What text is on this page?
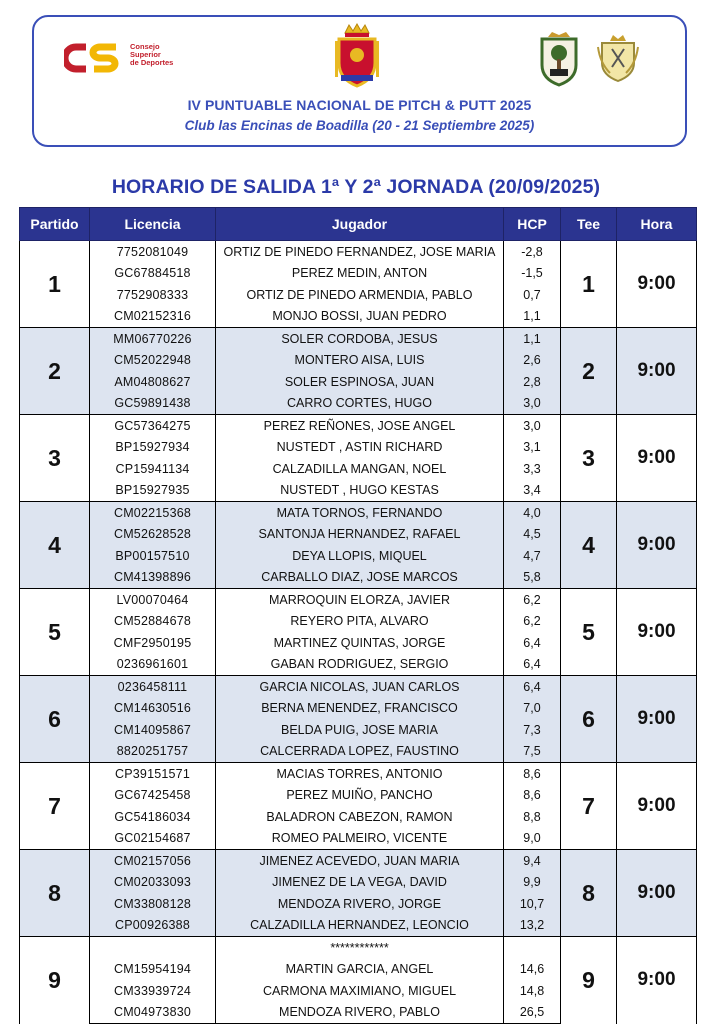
Consejo
Superior
de Deportes
IV PUNTUABLE NACIONAL DE PITCH & PUTT 2025
Club las Encinas de Boadilla (20 - 21 Septiembre 2025)
HORARIO DE SALIDA 1ª Y 2ª JORNADA (20/09/2025)
Partido	Licencia	Jugador	HCP	Tee	Hora
1	7752081049	ORTIZ DE PINEDO FERNANDEZ, JOSE MARIA	-2,8	1	9:00
	GC67884518	PEREZ MEDIN, ANTON	-1,5		
	7752908333	ORTIZ DE PINEDO ARMENDIA, PABLO	0,7		
	CM02152316	MONJO BOSSI, JUAN PEDRO	1,1		
2	MM06770226	SOLER CORDOBA, JESUS	1,1	2	9:00
	CM52022948	MONTERO AISA, LUIS	2,6		
	AM04808627	SOLER ESPINOSA, JUAN	2,8		
	GC59891438	CARRO CORTES, HUGO	3,0		
3	GC57364275	PEREZ REÑONES, JOSE ANGEL	3,0	3	9:00
	BP15927934	NUSTEDT , ASTIN RICHARD	3,1		
	CP15941134	CALZADILLA MANGAN, NOEL	3,3		
	BP15927935	NUSTEDT , HUGO KESTAS	3,4		
4	CM02215368	MATA TORNOS, FERNANDO	4,0	4	9:00
	CM52628528	SANTONJA HERNANDEZ, RAFAEL	4,5		
	BP00157510	DEYA LLOPIS, MIQUEL	4,7		
	CM41398896	CARBALLO DIAZ, JOSE MARCOS	5,8		
5	LV00070464	MARROQUIN ELORZA, JAVIER	6,2	5	9:00
	CM52884678	REYERO PITA, ALVARO	6,2		
	CMF2950195	MARTINEZ QUINTAS, JORGE	6,4		
	0236961601	GABAN RODRIGUEZ, SERGIO	6,4		
6	0236458111	GARCIA NICOLAS, JUAN CARLOS	6,4	6	9:00
	CM14630516	BERNA MENENDEZ, FRANCISCO	7,0		
	CM14095867	BELDA PUIG, JOSE MARIA	7,3		
	8820251757	CALCERRADA LOPEZ, FAUSTINO	7,5		
7	CP39151571	MACIAS TORRES, ANTONIO	8,6	7	9:00
	GC67425458	PEREZ MUIÑO, PANCHO	8,6		
	GC54186034	BALADRON CABEZON, RAMON	8,8		
	GC02154687	ROMEO PALMEIRO, VICENTE	9,0		
8	CM02157056	JIMENEZ ACEVEDO, JUAN MARIA	9,4	8	9:00
	CM02033093	JIMENEZ DE LA VEGA, DAVID	9,9		
	CM33808128	MENDOZA RIVERO, JORGE	10,7		
	CP00926388	CALZADILLA HERNANDEZ, LEONCIO	13,2		
9		************		9	9:00
	CM15954194	MARTIN GARCIA, ANGEL	14,6		
	CM33939724	CARMONA MAXIMIANO, MIGUEL	14,8		
	CM04973830	MENDOZA RIVERO, PABLO	26,5		
